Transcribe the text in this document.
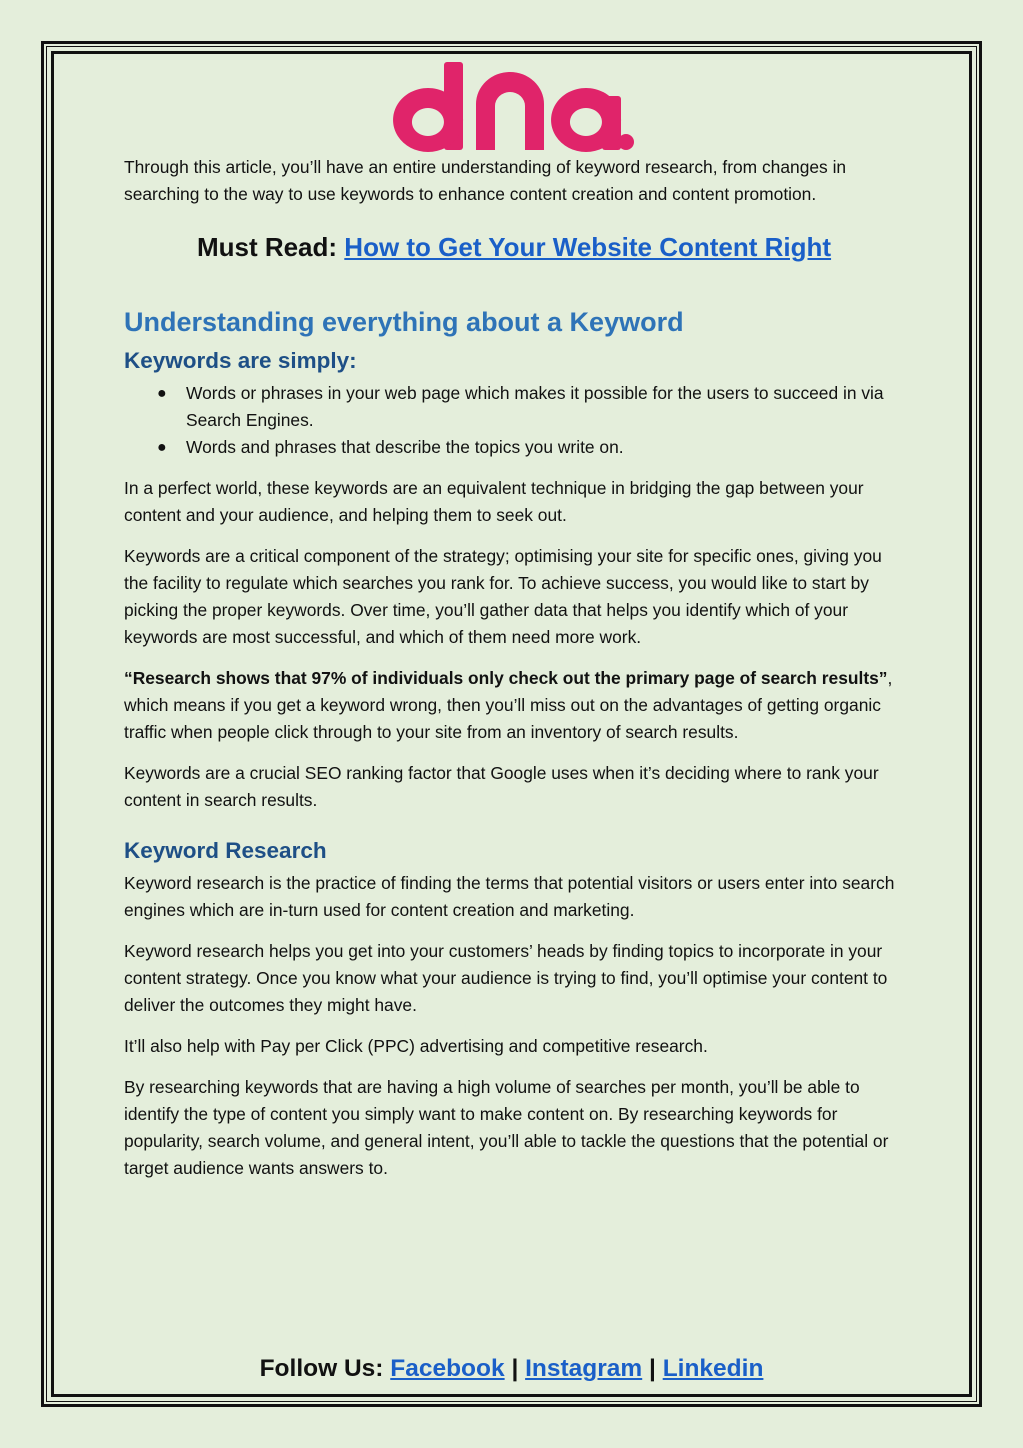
dna.

Through this article, you’ll have an entire understanding of keyword research, from changes in searching to the way to use keywords to enhance content creation and content promotion.

Must Read: How to Get Your Website Content Right
Understanding everything about a Keyword
Keywords are simply:
● Words or phrases in your web page which makes it possible for the users to succeed in via Search Engines.
● Words and phrases that describe the topics you write on.

In a perfect world, these keywords are an equivalent technique in bridging the gap between your content and your audience, and helping them to seek out.

Keywords are a critical component of the strategy; optimising your site for specific ones, giving you the facility to regulate which searches you rank for. To achieve success, you would like to start by picking the proper keywords. Over time, you’ll gather data that helps you identify which of your keywords are most successful, and which of them need more work.

“Research shows that 97% of individuals only check out the primary page of search results”, which means if you get a keyword wrong, then you’ll miss out on the advantages of getting organic traffic when people click through to your site from an inventory of search results.

Keywords are a crucial SEO ranking factor that Google uses when it’s deciding where to rank your content in search results.

Keyword Research

Keyword research is the practice of finding the terms that potential visitors or users enter into search engines which are in-turn used for content creation and marketing.

Keyword research helps you get into your customers’ heads by finding topics to incorporate in your content strategy. Once you know what your audience is trying to find, you’ll optimise your content to deliver the outcomes they might have.

It’ll also help with Pay per Click (PPC) advertising and competitive research.

By researching keywords that are having a high volume of searches per month, you’ll be able to identify the type of content you simply want to make content on. By researching keywords for popularity, search volume, and general intent, you’ll able to tackle the questions that the potential or target audience wants answers to.

Follow Us: Facebook | Instagram | Linkedin
